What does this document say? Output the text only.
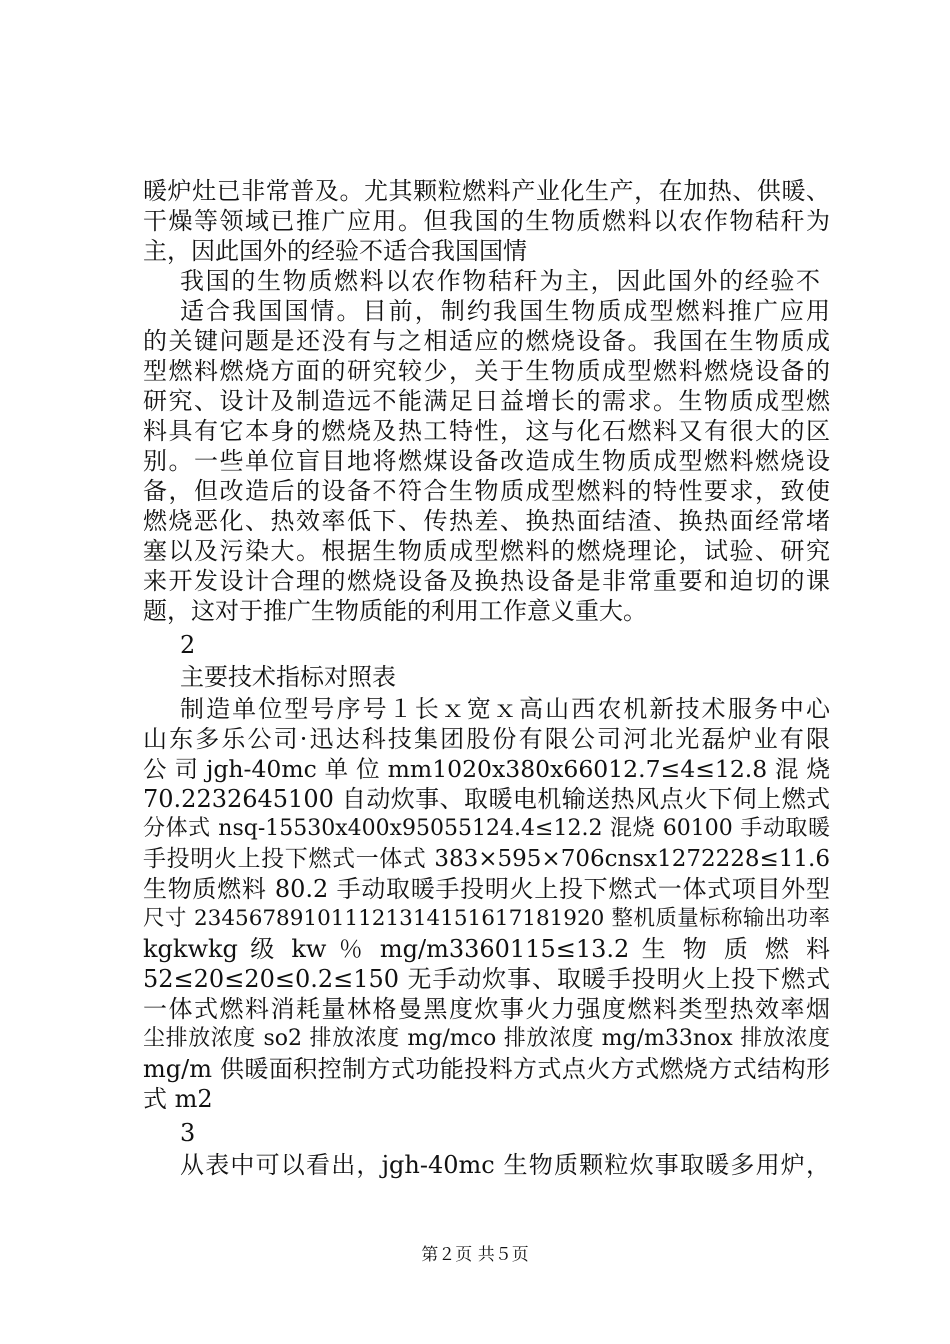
暖炉灶已非常普及。尤其颗粒燃料产业化生产，在加热、供暖、
干燥等领域已推广应用。但我国的生物质燃料以农作物秸秆为
主，因此国外的经验不适合我国国情
我国的生物质燃料以农作物秸秆为主，因此国外的经验不
适合我国国情。目前，制约我国生物质成型燃料推广应用
的关键问题是还没有与之相适应的燃烧设备。我国在生物质成
型燃料燃烧方面的研究较少，关于生物质成型燃料燃烧设备的
研究、设计及制造远不能满足日益增长的需求。生物质成型燃
料具有它本身的燃烧及热工特性，这与化石燃料又有很大的区
别。一些单位盲目地将燃煤设备改造成生物质成型燃料燃烧设
备，但改造后的设备不符合生物质成型燃料的特性要求，致使
燃烧恶化、热效率低下、传热差、换热面结渣、换热面经常堵
塞以及污染大。根据生物质成型燃料的燃烧理论，试验、研究
来开发设计合理的燃烧设备及换热设备是非常重要和迫切的课
题，这对于推广生物质能的利用工作意义重大。
2
主要技术指标对照表
制造单位型号序号１长ｘ宽ｘ高山西农机新技术服务中心
山东多乐公司·迅达科技集团股份有限公司河北光磊炉业有限
公 司 jgh-40mc 单 位 mm1020x380x66012.7≤4≤12.8 混 烧
70.2232645100 自动炊事、取暖电机输送热风点火下伺上燃式
分体式 nsq-15530x400x95055124.4≤12.2 混烧 60100 手动取暖
手投明火上投下燃式一体式 383×595×706cnsx1272228≤11.6
生物质燃料 80.2 手动取暖手投明火上投下燃式一体式项目外型
尺寸 234567891011121314151617181920 整机质量标称输出功率
kgkwkg 级 kw ％ mg/m3360115≤13.2 生 物 质 燃 料
52≤20≤20≤0.2≤150 无手动炊事、取暖手投明火上投下燃式
一体式燃料消耗量林格曼黑度炊事火力强度燃料类型热效率烟
尘排放浓度 so2 排放浓度 mg/mco 排放浓度 mg/m33nox 排放浓度
mg/m 供暖面积控制方式功能投料方式点火方式燃烧方式结构形
式 m2
3
从表中可以看出，jgh-40mc 生物质颗粒炊事取暖多用炉，
第２页 共５页
